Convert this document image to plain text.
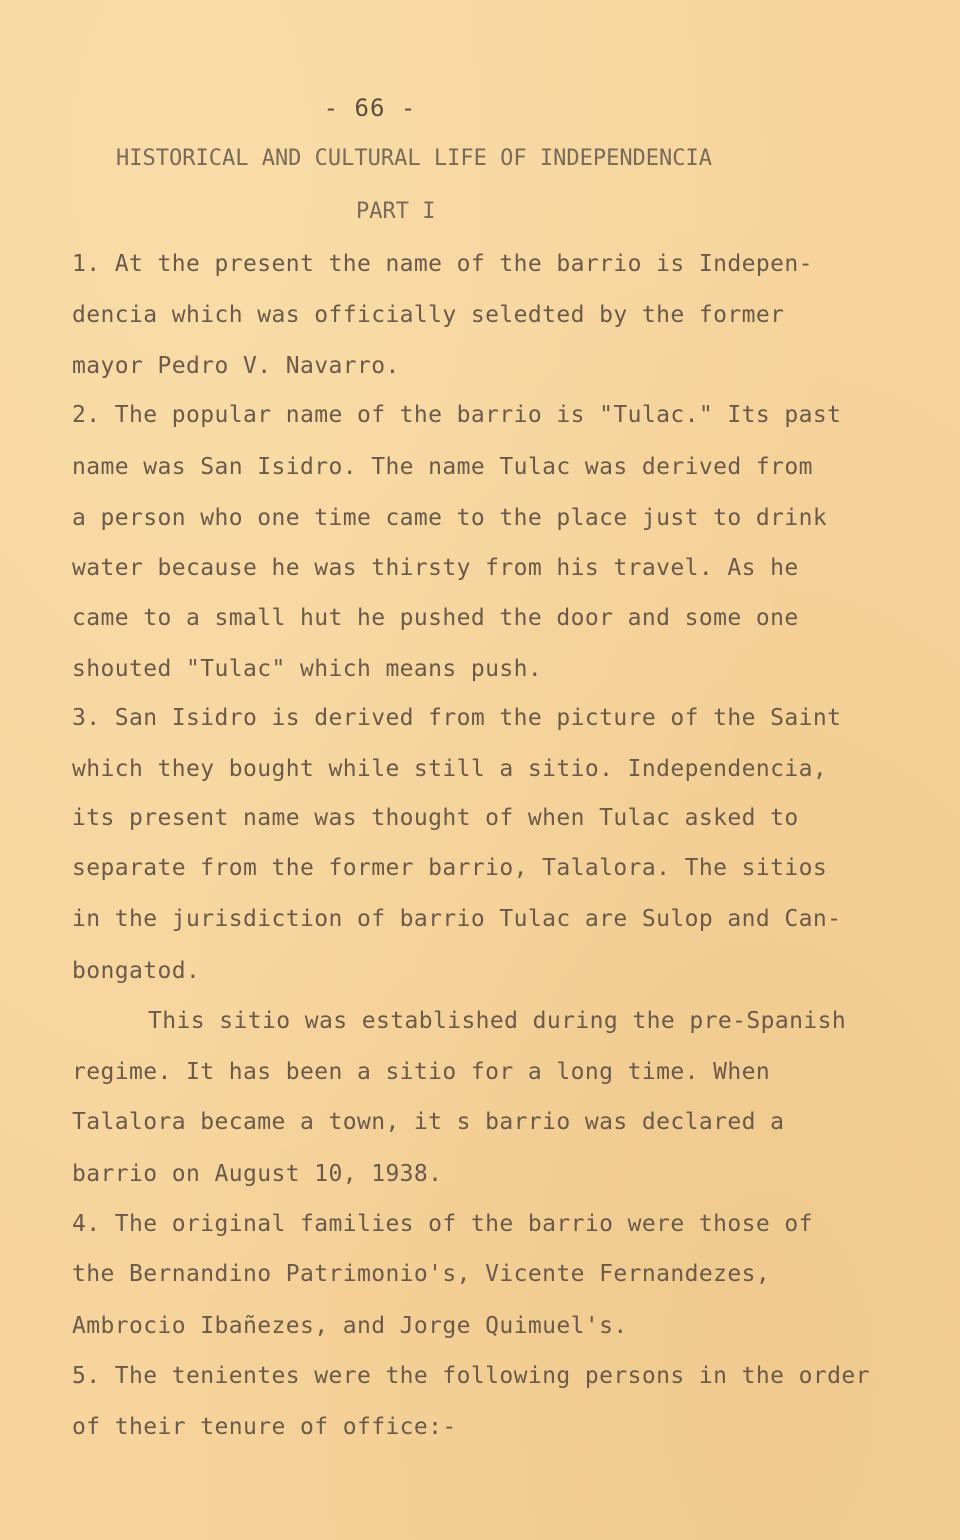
- 66 -
HISTORICAL AND CULTURAL LIFE OF INDEPENDENCIA
PART I
1. At the present the name of the barrio is Indepen-
dencia which was officially seledted by the former
mayor Pedro V. Navarro.
2. The popular name of the barrio is "Tulac." Its past
name was San Isidro. The name Tulac was derived from
a person who one time came to the place just to drink
water because he was thirsty from his travel. As he
came to a small hut he pushed the door and some one
shouted "Tulac" which means push.
3. San Isidro is derived from the picture of the Saint
which they bought while still a sitio. Independencia,
its present name was thought of when Tulac asked to
separate from the former barrio, Talalora. The sitios
in the jurisdiction of barrio Tulac are Sulop and Can-
bongatod.
This sitio was established during the pre-Spanish
regime. It has been a sitio for a long time. When
Talalora became a town, it s barrio was declared a
barrio on August 10, 1938.
4. The original families of the barrio were those of
the Bernandino Patrimonio's, Vicente Fernandezes,
Ambrocio Ibañezes, and Jorge Quimuel's.
5. The tenientes were the following persons in the order
of their tenure of office:-
